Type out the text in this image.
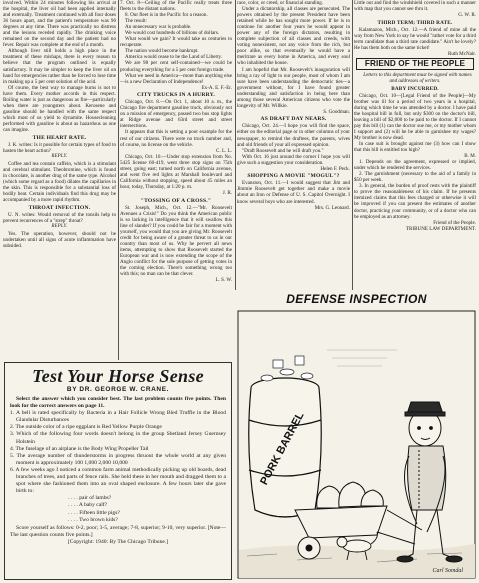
involved. Within 24 minutes following his arrival at the hospital, the liver oil had been applied internally and externally. Treatment continued with all four doses 36 hours apart, and the patient's temperature was 96 degrees at any time. There was practically no distress and the lesions receded rapidly. The drinking voice remained on the second day and the patient had no fever. Repair was complete at the end of a month.

Although liver still holds a high place in the treatment of these mishaps, there is every reason to believe that the program outlined is equally satisfactory. It may be simpler to keep the liver oil on hand for emergencies rather than be forced to lose time in making up a 5 per cent solution of the acid.

Of course, the best way to manage burns is not to have them. Every mother accords in this respect. Boiling water is just as dangerous as fire—particularly when there are youngsters about. Kerosene and gasoline should be handled with the same respect which most of us yield to dynamite. Housecleaning performed with gasoline is about as hazardous as one can imagine.

THE HEART RATE.

J. K. writes: Is it possible for certain types of food to hasten the heart action?

REPLY.

Coffee and tea contain caffein, which is a stimulant and cerebral stimulant. Theobromine, which is found in chocolate, is another drug of the same type. Alcohol (which some regard as a food) dilates the capillaries in the skin. This is responsible for a substantial loss of bodily heat. Certain individuals find this drug may be accompanied by a more rapid rhythm.

THROAT INFECTION.

U. N. writes: Would removal of the tonsils help to prevent recurrences of a "strep" throat?

REPLY.

Yes. The operation, however, should not be undertaken until all signs of acute inflammation have subsided.

7. Oct. 8—Ceiling of the Pacific really treats three fleets to the distant nations.

8. Our fleet is in the Pacific for a reason.

The result:

An unnecessary war is probable.

We would cost hundreds of billions of dollars.

What would we gain? It would take us centuries to recuperate.

The nation would become bankrupt.

America would cease to be the Land of Liberty.

We are 98 per cent self-contained—we could be producing everything for a 5 per cent foreign trade.

What we need in America—more than anything else—is a new Declaration of Independence!

Ex-A. E. F.-Er.

CITY TRUCKS IN A HURRY.

Chicago, Oct. 8.—On Oct. 1, about 10 a. m., the Chicago fire department gasoline truck, obviously not on a mission of emergency, passed two bus stop lights at Ridge avenue and 63rd street and street intersections.

It appears that this is setting a poor example for the rest of our citizens. There were no truck number and, of course, no license on the vehicle.

C. L. L.

Chicago, Oct. 10.—Under stop extension from No. 5425 license 60-419, went three stop signs on 75th street, going east; turned north on California avenue, and went five red lights at Marshall boulevard and California without stopping, speed about 45 miles an hour, today, Thursday, at 1:20 p. m.

J. R.

"TOSSING OF A CROSS."

St. Joseph, Mich., Oct. 12.—"Mr. Roosevelt Avenues a Crisis!" Do you think the American public is so lacking in intelligence that it will swallow this line of slander? If you could be fair for a moment with yourself, you would that you are giving Mr. Roosevelt credit for being aware of a greater threat to us in our country than most of us. Why he pervert all news items, attempting to show that Roosevelt started the European war and is now extending the scope of the Anglo conflict for the sole purpose of getting votes in the coming election. There's something wrong too with this; no man can be that clever.

L. S. W.

race, color, or creed, or financial standing.

Under a dictatorship, all classes are persecuted. The powers obtained by the present President have been retained while he has sought more power. If he is to continue for another four years he would appear in power any of the foreign dictators, resulting in complete subjection of all classes and creeds, with voting nonexistent, not any voice from the rich, but poor alike, so that eventually he would have a meritrare as every home in America, and every soul who inhabited the house.

I am hopeful that Mr. Roosevelt's inauguration will bring a ray of light to our people, most of whom I am sure have been understanding the democratic ties—a government without, for I have found greater understanding and satisfaction in being here than among those several American citizens who vote the longevity of Mr. Willkie.

S. Goodman.

AS DRAFT DAY NEARS.

Chicago, Oct. 24.—I hope you will find the space, either on the editorial page or in other columns of your newspaper, to remind the draftees, the parents, wives and old friends of your all expressed opinion.

"Draft Roosevelt and he will draft you."

With Oct. 16 just around the corner I hope you will give such a suggestion your consideration.

Helen F. Peck.

SHOPPING A MOVIE "MOGUL"?

Evanston, Oct. 11.—I would suggest that Jim and Jimmie Roosevelt get together and make a movie about an Iron or Defense of U. S. Capitol Overnight. I know several boys who are interested.

Mrs. G. Leonard.

Little out and find the windshield covered in such a manner with map that you cannot see thru it.

G. W. R.

THIRD TERM; THIRD RATE.

Kalamazoo, Mich., Oct. 12.—A friend of mine all the way from New York to say he would "rather vote for a third term candidate than a third rate candidate." Ain't he lovely? He has them both on the same ticket!

Ruth McNair.

FRIEND OF THE PEOPLE

Letters to this department must be signed with names and addresses of writers.

BABY INCURRED.

Chicago, Oct. 10—[Legal Friend of the People]—My brother was ill for a period of two years in a hospital, during which time he was attended by a doctor. I have paid the hospital bill in full, but only $300 on the doctor's bill, leaving a bill of $2,000 to be paid to the doctor. If I cannot pay this bill (1) can the doctor sue me, or my mother whom I support and (2) will he be able to garnishee my wages? My brother is now dead.

In case suit is brought against me (3) how can I show that this bill is entitled too high?

B. M.

1. Depends on the agreement, expressed or implied, under which he rendered the services.

2. The garnishment (necessary to the aid of a family in $50 per week.

3. In general, the burden of proof rests with the plaintiff to prove the reasonableness of his claim. If he presents itemized claims that this fees charged or otherwise it will be improved if you can present the estimates of another doctor, practicing your community, or of a doctor who can be employed as an attorney.

Friend of the People.

TRIBUNE LAW DEPARTMENT.

DEFENSE INSPECTION
PORK BARREL
Carl Somdal
Test Your Horse Sense
BY DR. GEORGE W. CRANE.

Select the answer which you consider best. The last problem counts five points. Then look for the correct answers on page 11.

1. A bell is rated specifically by Bacteria in a Hair Follicle Wrong Bled Truffle in the Blood Glandular Disturbances

2. The outside color of a ripe eggplant is Red Yellow Purple Orange

3. Which of the following four words doesn't belong in the group Shetland Jersey Guernsey Holstein

4. The fuselage of an airplane is the Body Wing Propeller Tail

5. The average number of thunderstorms in progress thruout the whole world at any given moment is approximately 100 1,000 2,000 10,000

6. A few weeks ago I noticed a common farm animal methodically picking up old boards, dead branches of trees, and parts of fence rails. She held these in her mouth and dragged them to a spot where she fashioned them into an oval shaped enclosure. A few hours later she gave birth to:

. . . . pair of lambs?

. . . . A baby calf?

. . . . Fifteen little pigs?

. . . . Two brown kids?

Score yourself as follows: 0-2, poor; 3-5, average; 7-8, superior; 9-10, very superior. [Note—The last question counts five points.]

[Copyright: 1940: By The Chicago Tribune.]
